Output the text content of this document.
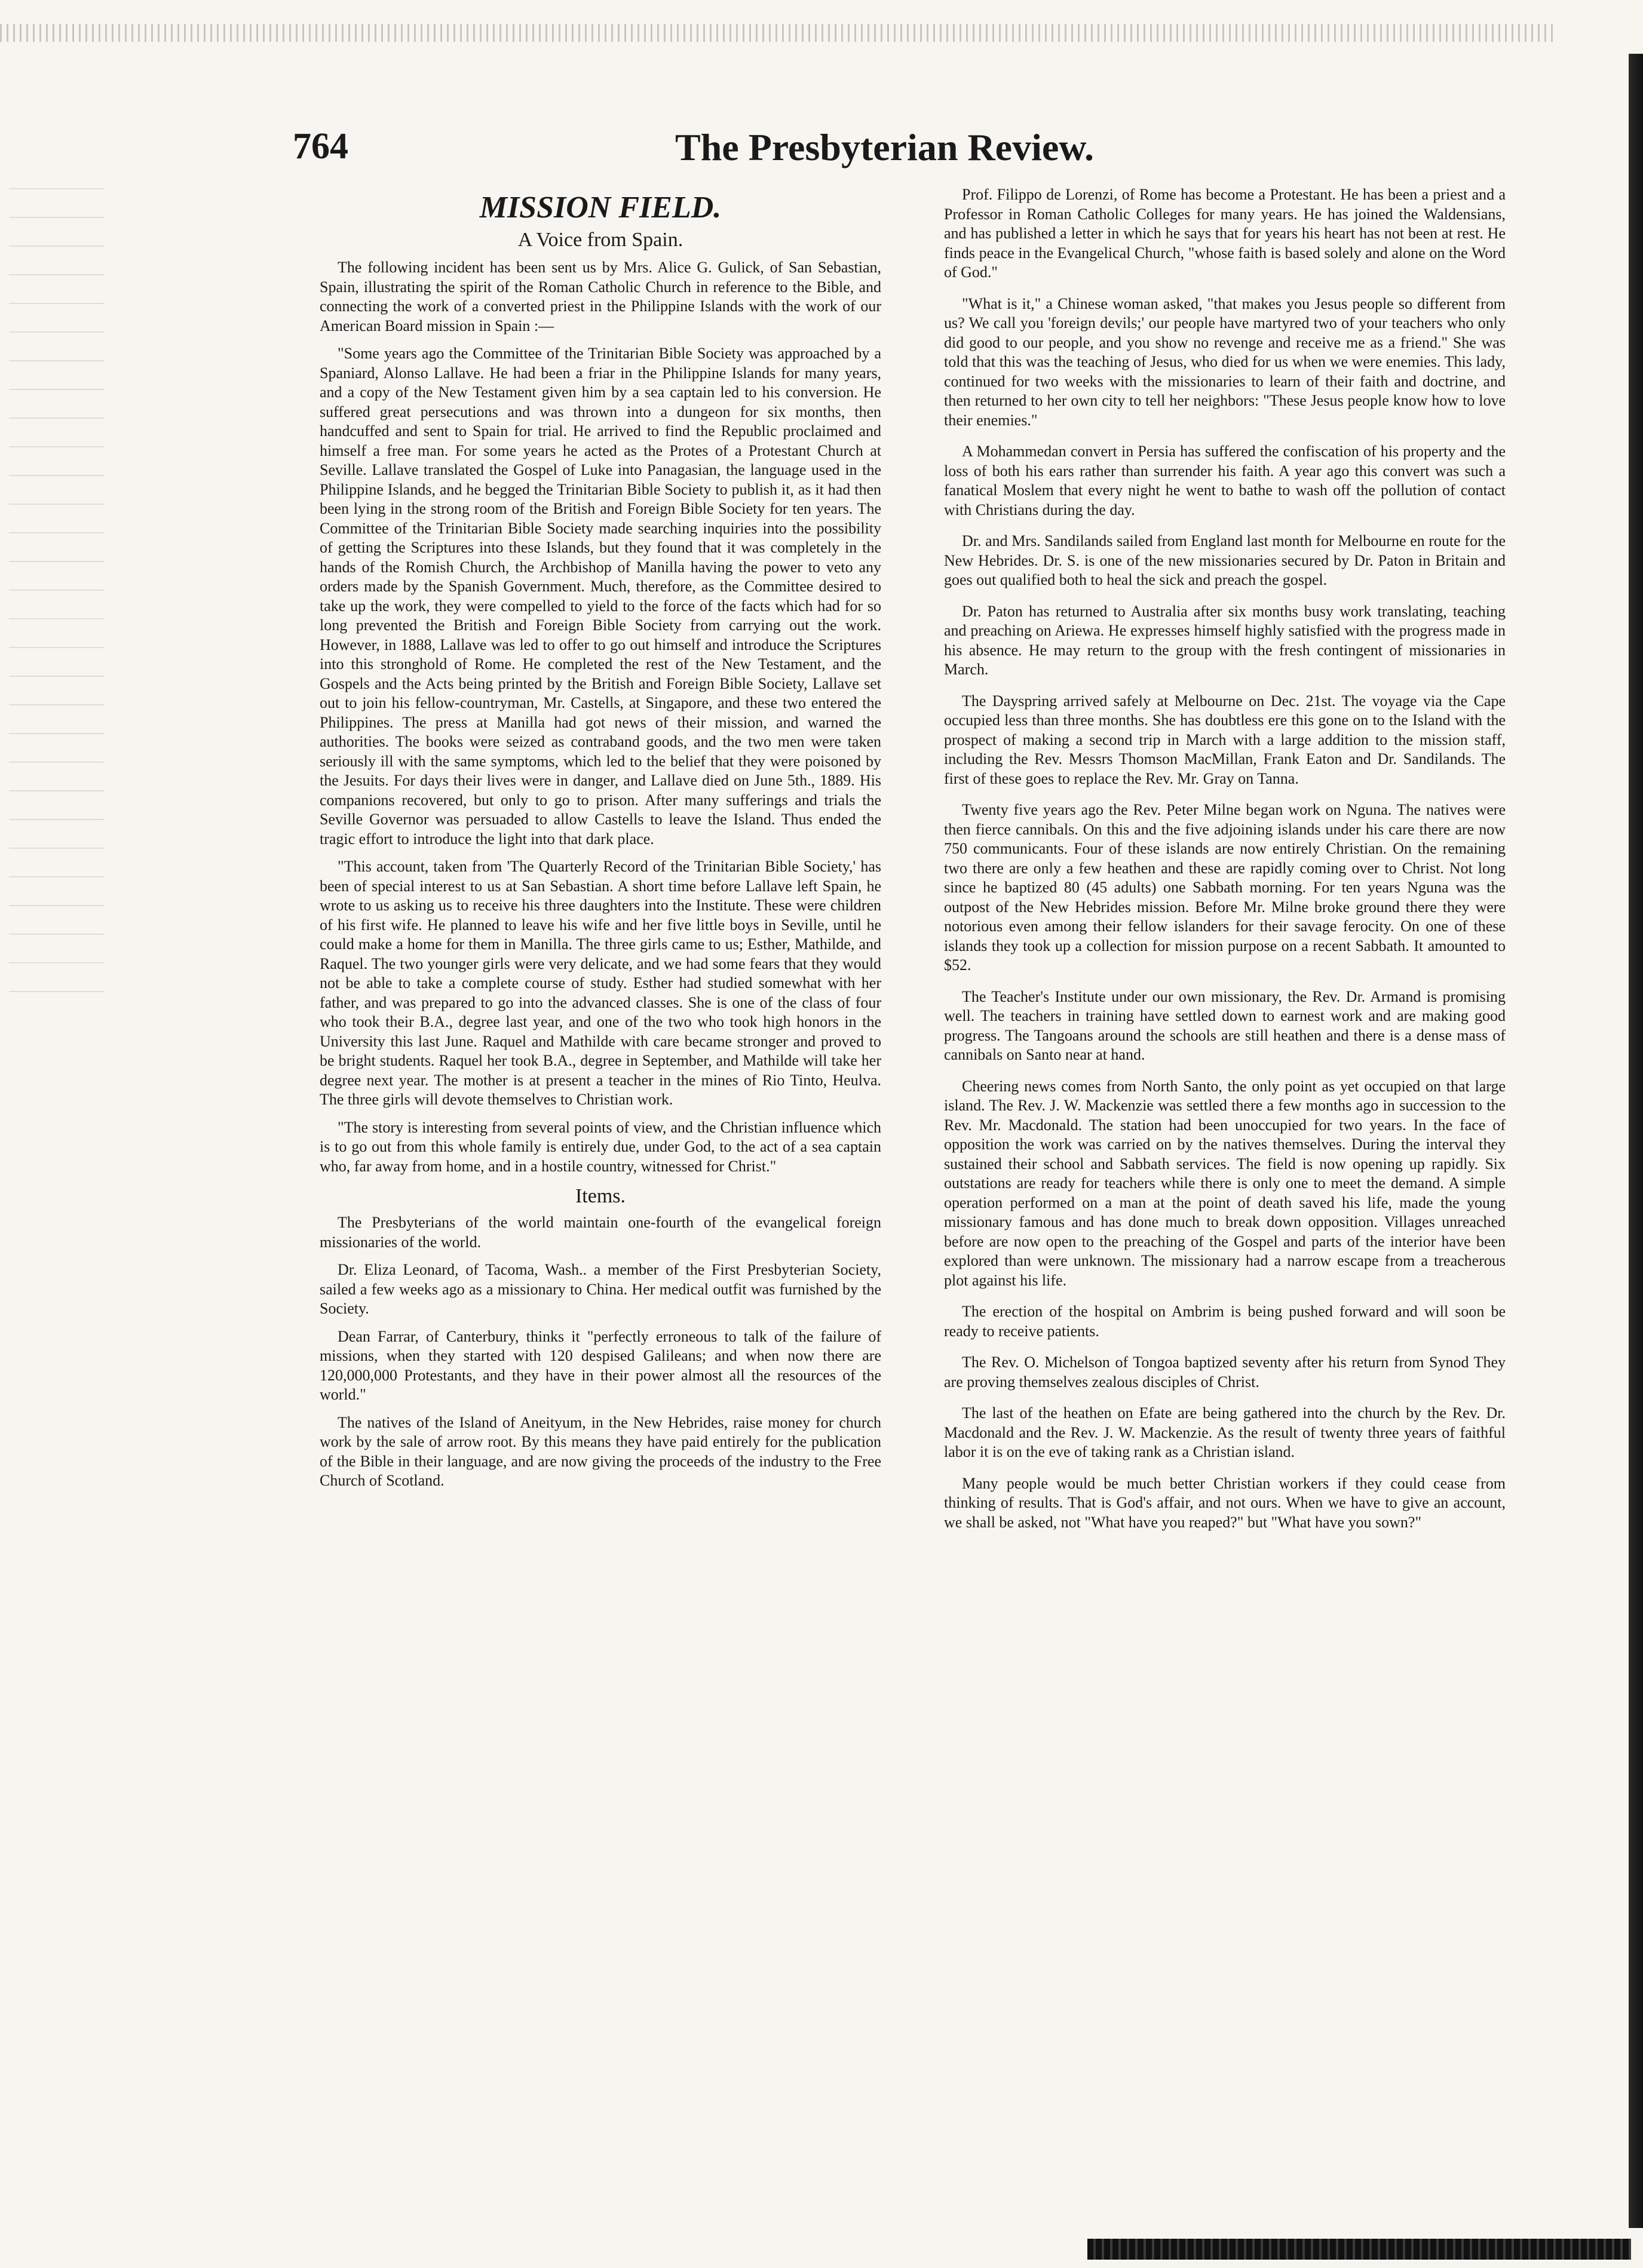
764	The Presbyterian Review.
MISSION FIELD.
A Voice from Spain.

The following incident has been sent us by Mrs. Alice G. Gulick, of San Sebastian, Spain, illustrating the spirit of the Roman Catholic Church in reference to the Bible, and connecting the work of a converted priest in the Philippine Islands with the work of our American Board mission in Spain :—

"Some years ago the Committee of the Trinitarian Bible Society was approached by a Spaniard, Alonso Lallave. He had been a friar in the Philippine Islands for many years, and a copy of the New Testament given him by a sea captain led to his conversion. He suffered great persecutions and was thrown into a dungeon for six months, then handcuffed and sent to Spain for trial. He arrived to find the Republic proclaimed and himself a free man. For some years he acted as the Protes of a Protestant Church at Seville. Lallave translated the Gospel of Luke into Panagasian, the language used in the Philippine Islands, and he begged the Trinitarian Bible Society to publish it, as it had then been lying in the strong room of the British and Foreign Bible Society for ten years. The Committee of the Trinitarian Bible Society made searching inquiries into the possibility of getting the Scriptures into these Islands, but they found that it was completely in the hands of the Romish Church, the Archbishop of Manilla having the power to veto any orders made by the Spanish Government. Much, therefore, as the Committee desired to take up the work, they were compelled to yield to the force of the facts which had for so long prevented the British and Foreign Bible Society from carrying out the work. However, in 1888, Lallave was led to offer to go out himself and introduce the Scriptures into this stronghold of Rome. He completed the rest of the New Testament, and the Gospels and the Acts being printed by the British and Foreign Bible Society, Lallave set out to join his fellow-countryman, Mr. Castells, at Singapore, and these two entered the Philippines. The press at Manilla had got news of their mission, and warned the authorities. The books were seized as contraband goods, and the two men were taken seriously ill with the same symptoms, which led to the belief that they were poisoned by the Jesuits. For days their lives were in danger, and Lallave died on June 5th., 1889. His companions recovered, but only to go to prison. After many sufferings and trials the Seville Governor was persuaded to allow Castells to leave the Island. Thus ended the tragic effort to introduce the light into that dark place.

"This account, taken from 'The Quarterly Record of the Trinitarian Bible Society,' has been of special interest to us at San Sebastian. A short time before Lallave left Spain, he wrote to us asking us to receive his three daughters into the Institute. These were children of his first wife. He planned to leave his wife and her five little boys in Seville, until he could make a home for them in Manilla. The three girls came to us; Esther, Mathilde, and Raquel. The two younger girls were very delicate, and we had some fears that they would not be able to take a complete course of study. Esther had studied somewhat with her father, and was prepared to go into the advanced classes. She is one of the class of four who took their B.A., degree last year, and one of the two who took high honors in the University this last June. Raquel and Mathilde with care became stronger and proved to be bright students. Raquel her took B.A., degree in September, and Mathilde will take her degree next year. The mother is at present a teacher in the mines of Rio Tinto, Heulva. The three girls will devote themselves to Christian work.

"The story is interesting from several points of view, and the Christian influence which is to go out from this whole family is entirely due, under God, to the act of a sea captain who, far away from home, and in a hostile country, witnessed for Christ."

Items.

The Presbyterians of the world maintain one-fourth of the evangelical foreign missionaries of the world.

Dr. Eliza Leonard, of Tacoma, Wash.. a member of the First Presbyterian Society, sailed a few weeks ago as a missionary to China. Her medical outfit was furnished by the Society.

Dean Farrar, of Canterbury, thinks it "perfectly erroneous to talk of the failure of missions, when they started with 120 despised Galileans; and when now there are 120,000,000 Protestants, and they have in their power almost all the resources of the world."

The natives of the Island of Aneityum, in the New Hebrides, raise money for church work by the sale of arrow root. By this means they have paid entirely for the publication of the Bible in their language, and are now giving the proceeds of the industry to the Free Church of Scotland.

Prof. Filippo de Lorenzi, of Rome has become a Protestant. He has been a priest and a Professor in Roman Catholic Colleges for many years. He has joined the Waldensians, and has published a letter in which he says that for years his heart has not been at rest. He finds peace in the Evangelical Church, "whose faith is based solely and alone on the Word of God."

"What is it," a Chinese woman asked, "that makes you Jesus people so different from us? We call you 'foreign devils;' our people have martyred two of your teachers who only did good to our people, and you show no revenge and receive me as a friend." She was told that this was the teaching of Jesus, who died for us when we were enemies. This lady, continued for two weeks with the missionaries to learn of their faith and doctrine, and then returned to her own city to tell her neighbors: "These Jesus people know how to love their enemies."

A Mohammedan convert in Persia has suffered the confiscation of his property and the loss of both his ears rather than surrender his faith. A year ago this convert was such a fanatical Moslem that every night he went to bathe to wash off the pollution of contact with Christians during the day.

Dr. and Mrs. Sandilands sailed from England last month for Melbourne en route for the New Hebrides. Dr. S. is one of the new missionaries secured by Dr. Paton in Britain and goes out qualified both to heal the sick and preach the gospel.

Dr. Paton has returned to Australia after six months busy work translating, teaching and preaching on Ariewa. He expresses himself highly satisfied with the progress made in his absence. He may return to the group with the fresh contingent of missionaries in March.

The Dayspring arrived safely at Melbourne on Dec. 21st. The voyage via the Cape occupied less than three months. She has doubtless ere this gone on to the Island with the prospect of making a second trip in March with a large addition to the mission staff, including the Rev. Messrs Thomson MacMillan, Frank Eaton and Dr. Sandilands. The first of these goes to replace the Rev. Mr. Gray on Tanna.

Twenty five years ago the Rev. Peter Milne began work on Nguna. The natives were then fierce cannibals. On this and the five adjoining islands under his care there are now 750 communicants. Four of these islands are now entirely Christian. On the remaining two there are only a few heathen and these are rapidly coming over to Christ. Not long since he baptized 80 (45 adults) one Sabbath morning. For ten years Nguna was the outpost of the New Hebrides mission. Before Mr. Milne broke ground there they were notorious even among their fellow islanders for their savage ferocity. On one of these islands they took up a collection for mission purpose on a recent Sabbath. It amounted to $52.

The Teacher's Institute under our own missionary, the Rev. Dr. Armand is promising well. The teachers in training have settled down to earnest work and are making good progress. The Tangoans around the schools are still heathen and there is a dense mass of cannibals on Santo near at hand.

Cheering news comes from North Santo, the only point as yet occupied on that large island. The Rev. J. W. Mackenzie was settled there a few months ago in succession to the Rev. Mr. Macdonald. The station had been unoccupied for two years. In the face of opposition the work was carried on by the natives themselves. During the interval they sustained their school and Sabbath services. The field is now opening up rapidly. Six outstations are ready for teachers while there is only one to meet the demand. A simple operation performed on a man at the point of death saved his life, made the young missionary famous and has done much to break down opposition. Villages unreached before are now open to the preaching of the Gospel and parts of the interior have been explored than were unknown. The missionary had a narrow escape from a treacherous plot against his life.

The erection of the hospital on Ambrim is being pushed forward and will soon be ready to receive patients.

The Rev. O. Michelson of Tongoa baptized seventy after his return from Synod They are proving themselves zealous disciples of Christ.

The last of the heathen on Efate are being gathered into the church by the Rev. Dr. Macdonald and the Rev. J. W. Mackenzie. As the result of twenty three years of faithful labor it is on the eve of taking rank as a Christian island.

Many people would be much better Christian workers if they could cease from thinking of results. That is God's affair, and not ours. When we have to give an account, we shall be asked, not "What have you reaped?" but "What have you sown?"
